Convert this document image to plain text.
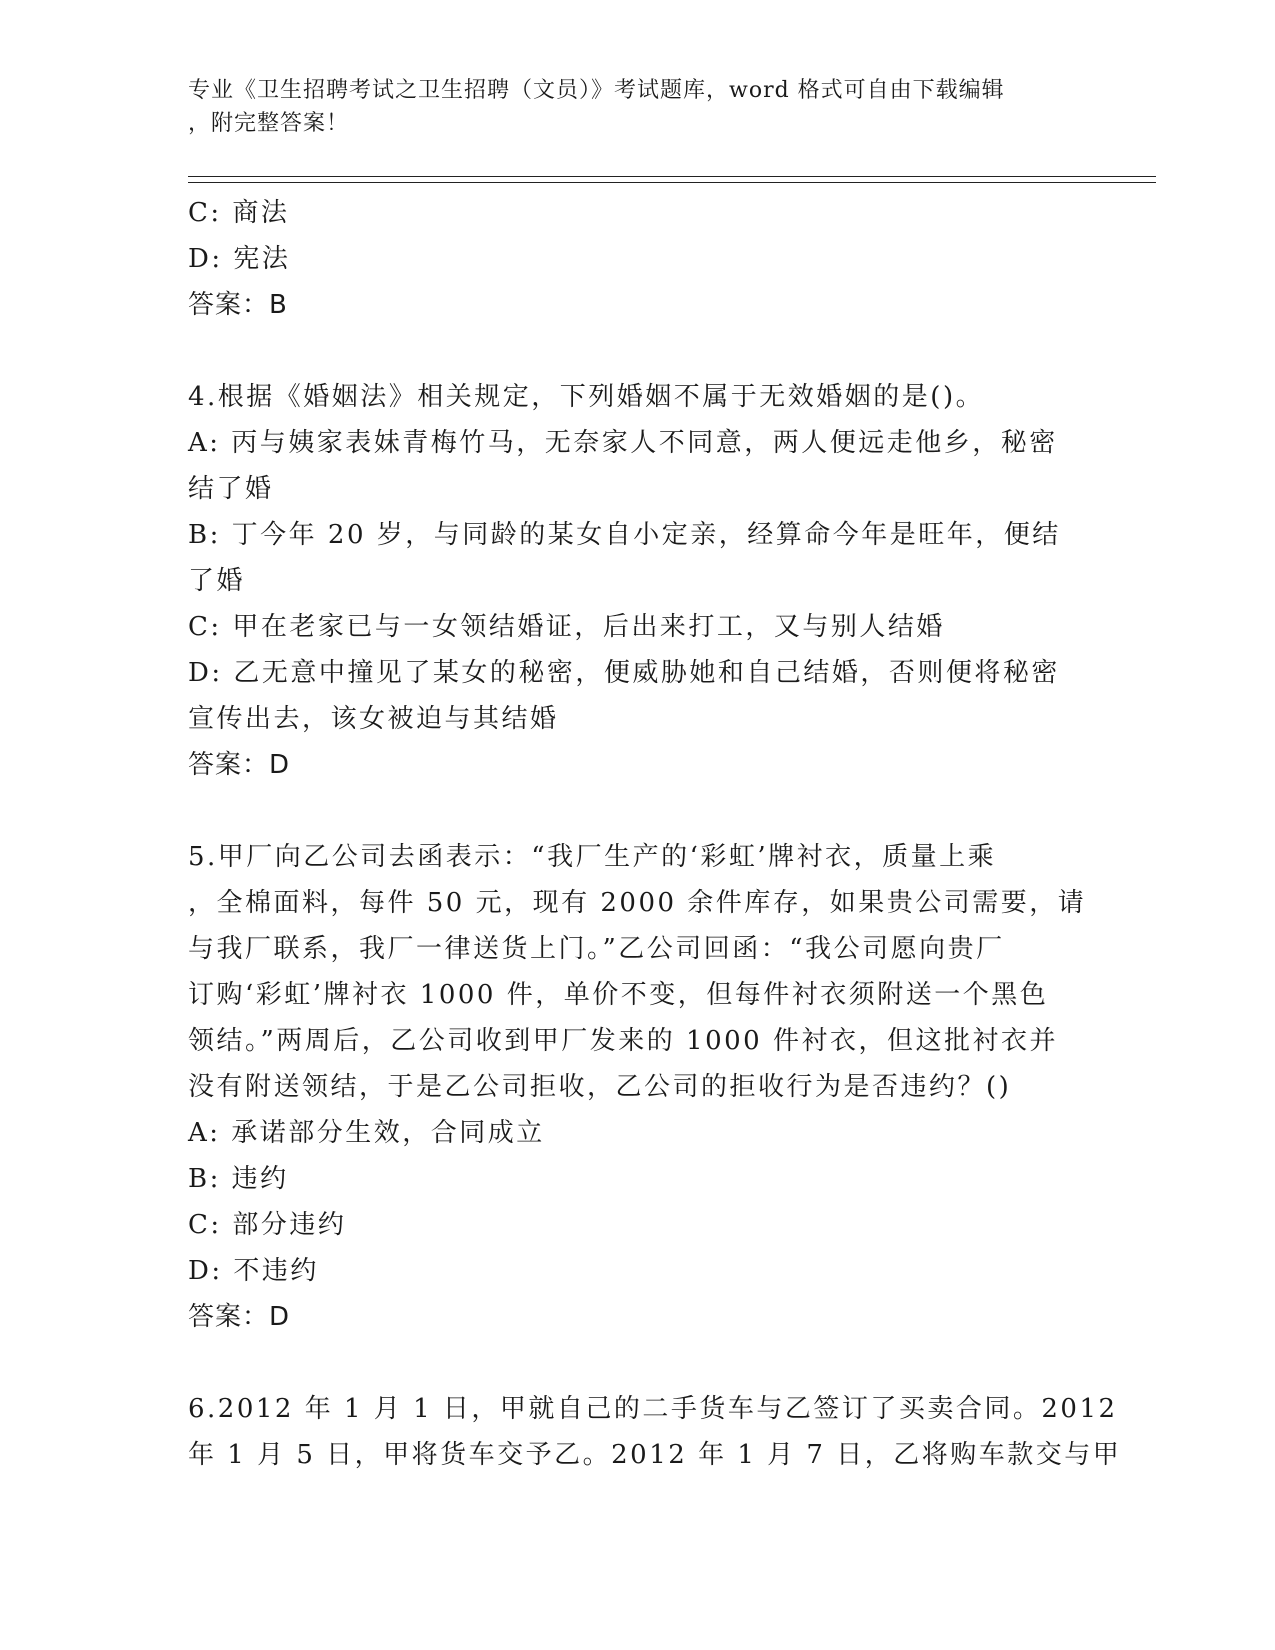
专业《卫生招聘考试之卫生招聘（文员）》考试题库，word 格式可自由下载编辑
，附完整答案！
C: 商法
D: 宪法
答案：B
4.根据《婚姻法》相关规定，下列婚姻不属于无效婚姻的是()。
A: 丙与姨家表妹青梅竹马，无奈家人不同意，两人便远走他乡，秘密
结了婚
B: 丁今年 20 岁，与同龄的某女自小定亲，经算命今年是旺年，便结
了婚
C: 甲在老家已与一女领结婚证，后出来打工，又与别人结婚
D: 乙无意中撞见了某女的秘密，便威胁她和自己结婚，否则便将秘密
宣传出去，该女被迫与其结婚
答案：D
5.甲厂向乙公司去函表示：“我厂生产的‘彩虹’牌衬衣，质量上乘
，全棉面料，每件 50 元，现有 2000 余件库存，如果贵公司需要，请
与我厂联系，我厂一律送货上门。”乙公司回函：“我公司愿向贵厂
订购‘彩虹’牌衬衣 1000 件，单价不变，但每件衬衣须附送一个黑色
领结。”两周后，乙公司收到甲厂发来的 1000 件衬衣，但这批衬衣并
没有附送领结，于是乙公司拒收，乙公司的拒收行为是否违约？()
A: 承诺部分生效，合同成立
B: 违约
C: 部分违约
D: 不违约
答案：D
6.2012 年 1 月 1 日，甲就自己的二手货车与乙签订了买卖合同。2012
年 1 月 5 日，甲将货车交予乙。2012 年 1 月 7 日，乙将购车款交与甲
